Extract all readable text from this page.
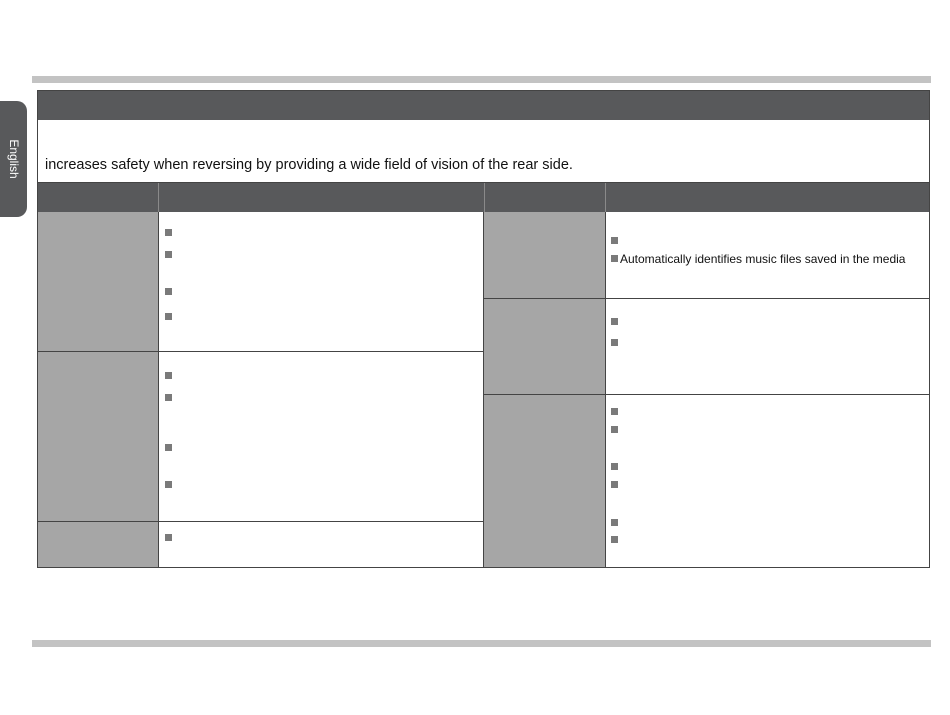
English increases safety when reversing by providing a wide field of vision of the rear side.

Automatically identifies music files saved in the media
